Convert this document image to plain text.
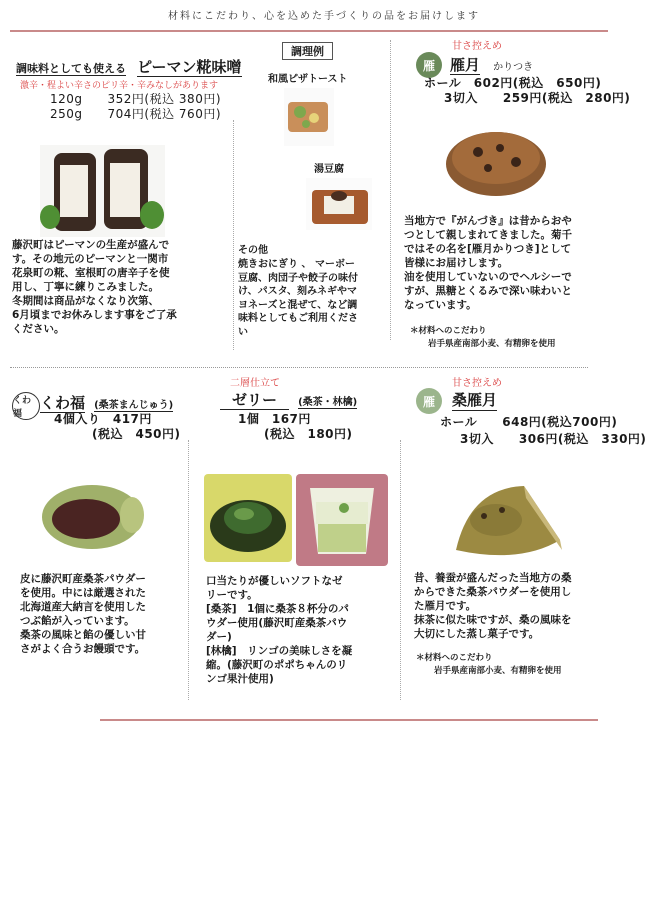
材料にこだわり、心を込めた手づくりの品をお届けします
調味料としても使える ピーマン糀味噌
激辛・程よい辛さのピリ辛・辛みなしがあります
120g　　352円(税込 380円)
250g　　704円(税込 760円)
藤沢町はピーマンの生産が盛んで
す。その地元のピーマンと一関市
花泉町の糀、室根町の唐辛子を使
用し、丁寧に練りこみました。
冬期間は商品がなくなり次第、
6月頃までお休みします事をご了承
ください。
調理例
和風ピザトースト
湯豆腐
その他
焼きおにぎり 、 マーボー
豆腐、肉団子や餃子の味付
け、パスタ、刻みネギやマ
ヨネーズと混ぜて、など調
味料としてもご利用くださ
い
甘さ控えめ
雁	雁月 かりつき
ホール　602円(税込　650円)
3切入　　259円(税込　280円)
当地方で『がんづき』は昔からおや
つとして親しまれてきました。菊千
ではその名を[雁月かりつき]として
皆様にお届けします。
油を使用していないのでヘルシーで
すが、黒糖とくるみで深い味わいと
なっています。
＊材料へのこだわり
岩手県産南部小麦、有精卵を使用
くわ福
くわ福 (桑茶まんじゅう)
4個入り　417円
(税込　450円)
皮に藤沢町産桑茶パウダー
を使用。中には厳選された
北海道産大納言を使用した
つぶ餡が入っています。
桑茶の風味と餡の優しい甘
さがよく合うお饅頭です。
二層仕立て
ゼリー (桑茶・林檎)
1個　167円
(税込　180円)
口当たりが優しいソフトなゼ
リーです。
[桑茶]　1個に桑茶８杯分のパ
ウダー使用(藤沢町産桑茶パウ
ダー)
[林檎]　リンゴの美味しさを凝
縮。(藤沢町のポポちゃんのリ
ンゴ果汁使用)
甘さ控えめ
雁	桑雁月
ホール　　648円(税込700円)
3切入　　306円(税込　330円)
昔、養蚕が盛んだった当地方の桑
からできた桑茶パウダーを使用し
た雁月です。
抹茶に似た味ですが、桑の風味を
大切にした蒸し菓子です。
＊材料へのこだわり
岩手県産南部小麦、有精卵を使用
